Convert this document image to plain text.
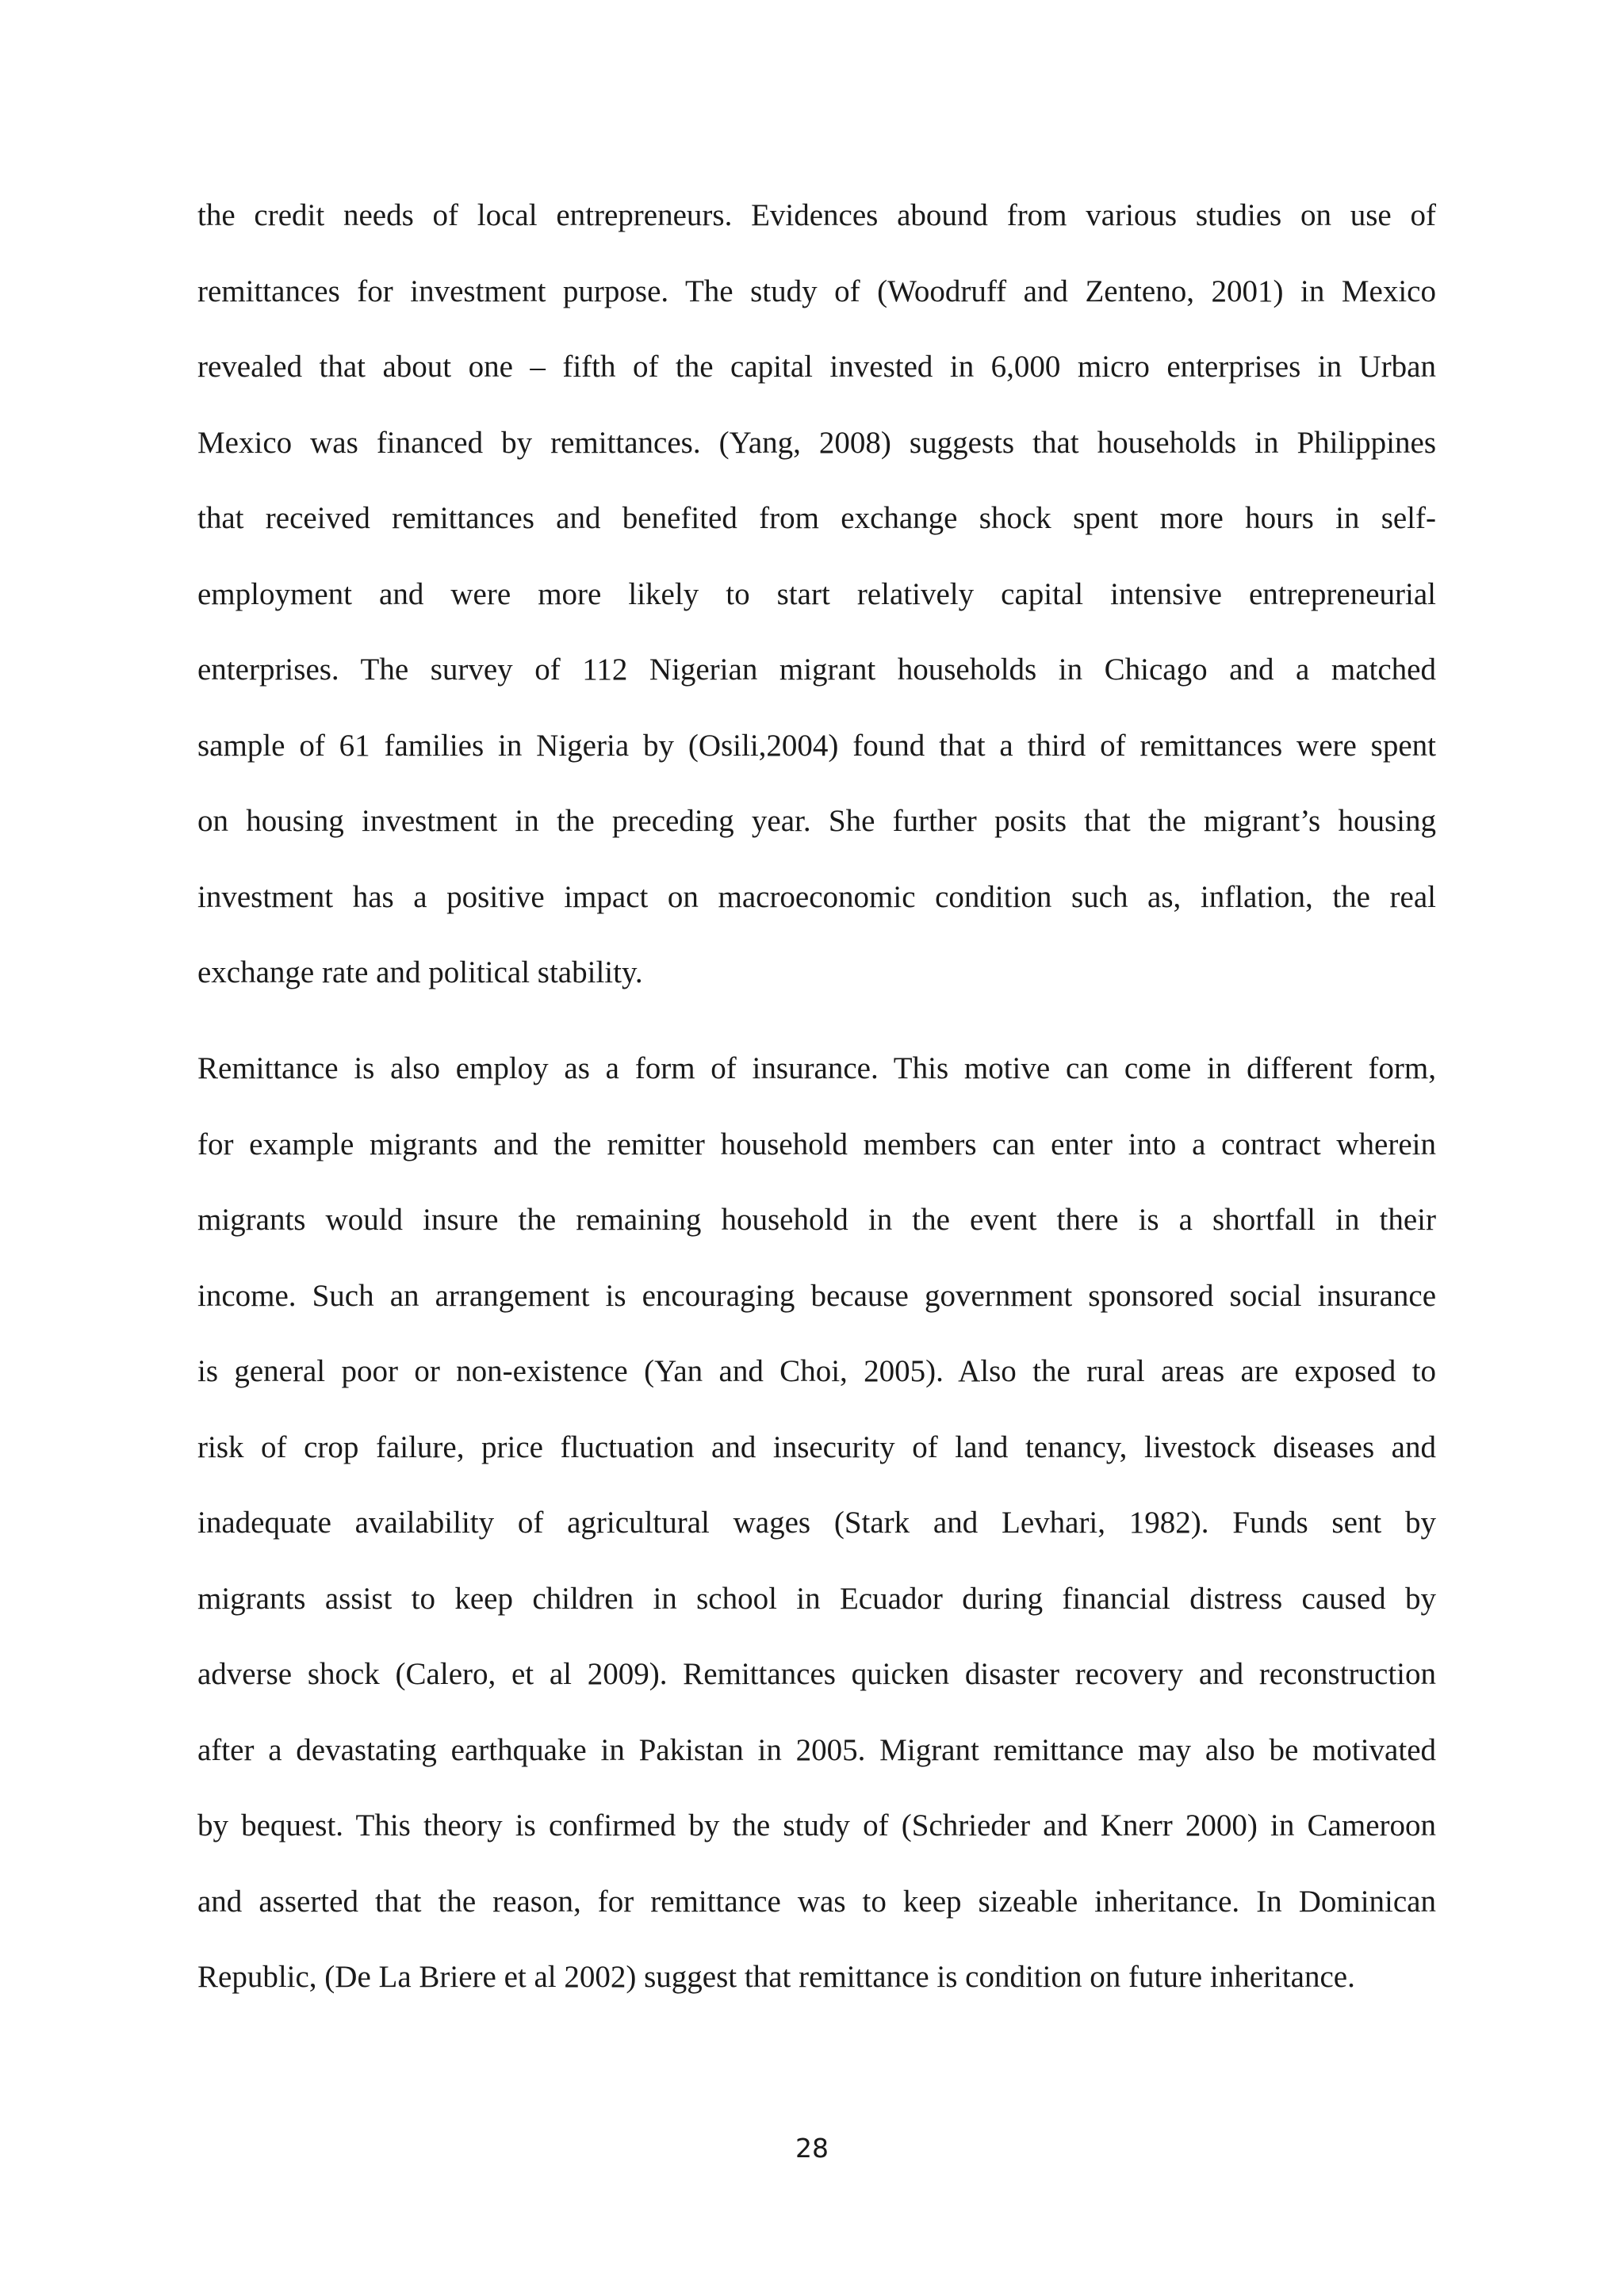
the credit needs of local entrepreneurs. Evidences abound from various studies on use of
remittances for investment purpose. The study of (Woodruff and Zenteno, 2001) in Mexico
revealed that about one – fifth of the capital invested in 6,000 micro enterprises in Urban
Mexico was financed by remittances. (Yang, 2008) suggests that households in Philippines
that received remittances and benefited from exchange shock spent more hours in self-
employment and were more likely to start relatively capital intensive entrepreneurial
enterprises. The survey of 112 Nigerian migrant households in Chicago and a matched
sample of 61 families in Nigeria by (Osili,2004) found that a third of remittances were spent
on housing investment in the preceding year. She further posits that the migrant’s housing
investment has a positive impact on macroeconomic condition such as, inflation, the real
exchange rate and political stability.
Remittance is also employ as a form of insurance. This motive can come in different form,
for example migrants and the remitter household members can enter into a contract wherein
migrants would insure the remaining household in the event there is a shortfall in their
income. Such an arrangement is encouraging because government sponsored social insurance
is general poor or non-existence (Yan and Choi, 2005). Also the rural areas are exposed to
risk of crop failure, price fluctuation and insecurity of land tenancy, livestock diseases and
inadequate availability of agricultural wages (Stark and Levhari, 1982). Funds sent by
migrants assist to keep children in school in Ecuador during financial distress caused by
adverse shock (Calero, et al 2009). Remittances quicken disaster recovery and reconstruction
after a devastating earthquake in Pakistan in 2005. Migrant remittance may also be motivated
by bequest. This theory is confirmed by the study of (Schrieder and Knerr 2000) in Cameroon
and asserted that the reason, for remittance was to keep sizeable inheritance. In Dominican
Republic, (De La Briere et al 2002) suggest that remittance is condition on future inheritance.
28
